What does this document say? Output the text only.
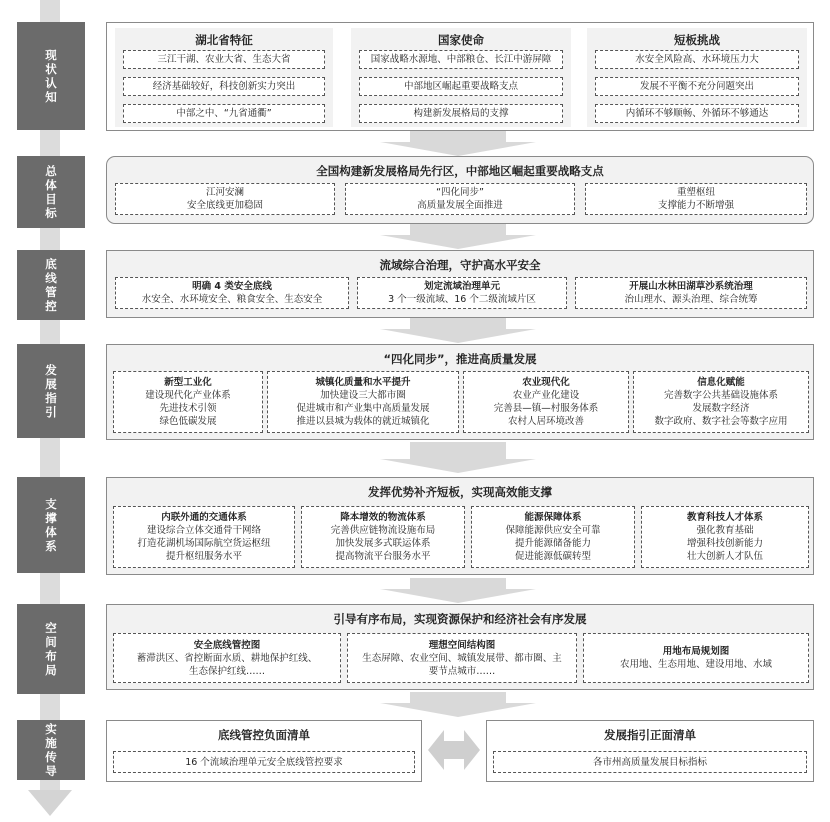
现状认知
总体目标
底线管控
发展指引
支撑体系
空间布局
实施传导
湖北省特征
三江干湖、农业大省、生态大省
经济基础较好，科技创新实力突出
中部之中、“九省通衢”
国家使命
国家战略水源地、中部粮仓、长江中游屏障
中部地区崛起重要战略支点
构建新发展格局的支撑
短板挑战
水安全风险高、水环境压力大
发展不平衡不充分问题突出
内循环不够顺畅、外循环不够通达
全国构建新发展格局先行区，中部地区崛起重要战略支点
江河安澜
安全底线更加稳固
“四化同步”
高质量发展全面推进
重塑枢纽
支撑能力不断增强
流域综合治理，守护高水平安全
明确 4 类安全底线
水安全、水环境安全、粮食安全、生态安全
划定流域治理单元
3 个一级流域、16 个二级流域片区
开展山水林田湖草沙系统治理
治山理水、源头治理、综合统筹
“四化同步”，推进高质量发展
新型工业化
建设现代化产业体系
先进技术引领
绿色低碳发展
城镇化质量和水平提升
加快建设三大都市圈
促进城市和产业集中高质量发展
推进以县城为载体的就近城镇化
农业现代化
农业产业化建设
完善县—镇—村服务体系
农村人居环境改善
信息化赋能
完善数字公共基础设施体系
发展数字经济
数字政府、数字社会等数字应用
发挥优势补齐短板，实现高效能支撑
内联外通的交通体系
建设综合立体交通骨干网络
打造花湖机场国际航空货运枢纽
提升枢纽服务水平
降本增效的物流体系
完善供应链物流设施布局
加快发展多式联运体系
提高物流平台服务水平
能源保障体系
保障能源供应安全可靠
提升能源储备能力
促进能源低碳转型
教育科技人才体系
强化教育基础
增强科技创新能力
壮大创新人才队伍
引导有序布局，实现资源保护和经济社会有序发展
安全底线管控图
蓄滞洪区、省控断面水质、耕地保护红线、
生态保护红线……
理想空间结构图
生态屏障、农业空间、城镇发展带、都市圈、主
要节点城市……
用地布局规划图
农用地、生态用地、建设用地、水域
底线管控负面清单
16 个流域治理单元安全底线管控要求
发展指引正面清单
各市州高质量发展目标指标
